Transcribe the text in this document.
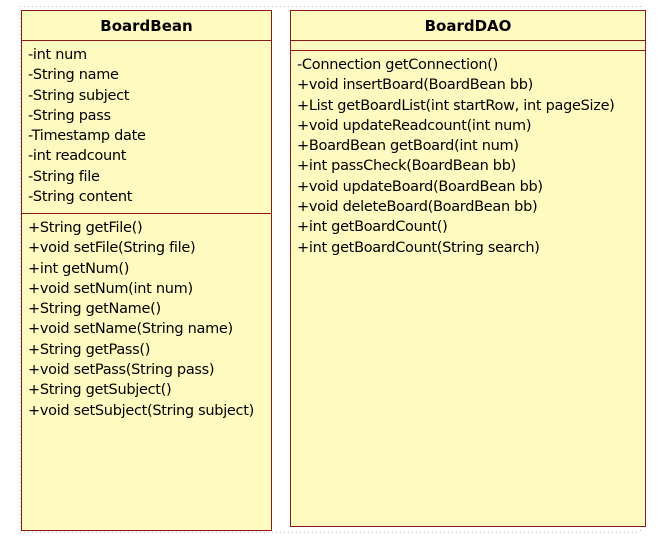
BoardBean
-int num
-String name
-String subject
-String pass
-Timestamp date
-int readcount
-String file
-String content
+String getFile()
+void setFile(String file)
+int getNum()
+void setNum(int num)
+String getName()
+void setName(String name)
+String getPass()
+void setPass(String pass)
+String getSubject()
+void setSubject(String subject)
BoardDAO
-Connection getConnection()
+void insertBoard(BoardBean bb)
+List getBoardList(int startRow, int pageSize)
+void updateReadcount(int num)
+BoardBean getBoard(int num)
+int passCheck(BoardBean bb)
+void updateBoard(BoardBean bb)
+void deleteBoard(BoardBean bb)
+int getBoardCount()
+int getBoardCount(String search)
